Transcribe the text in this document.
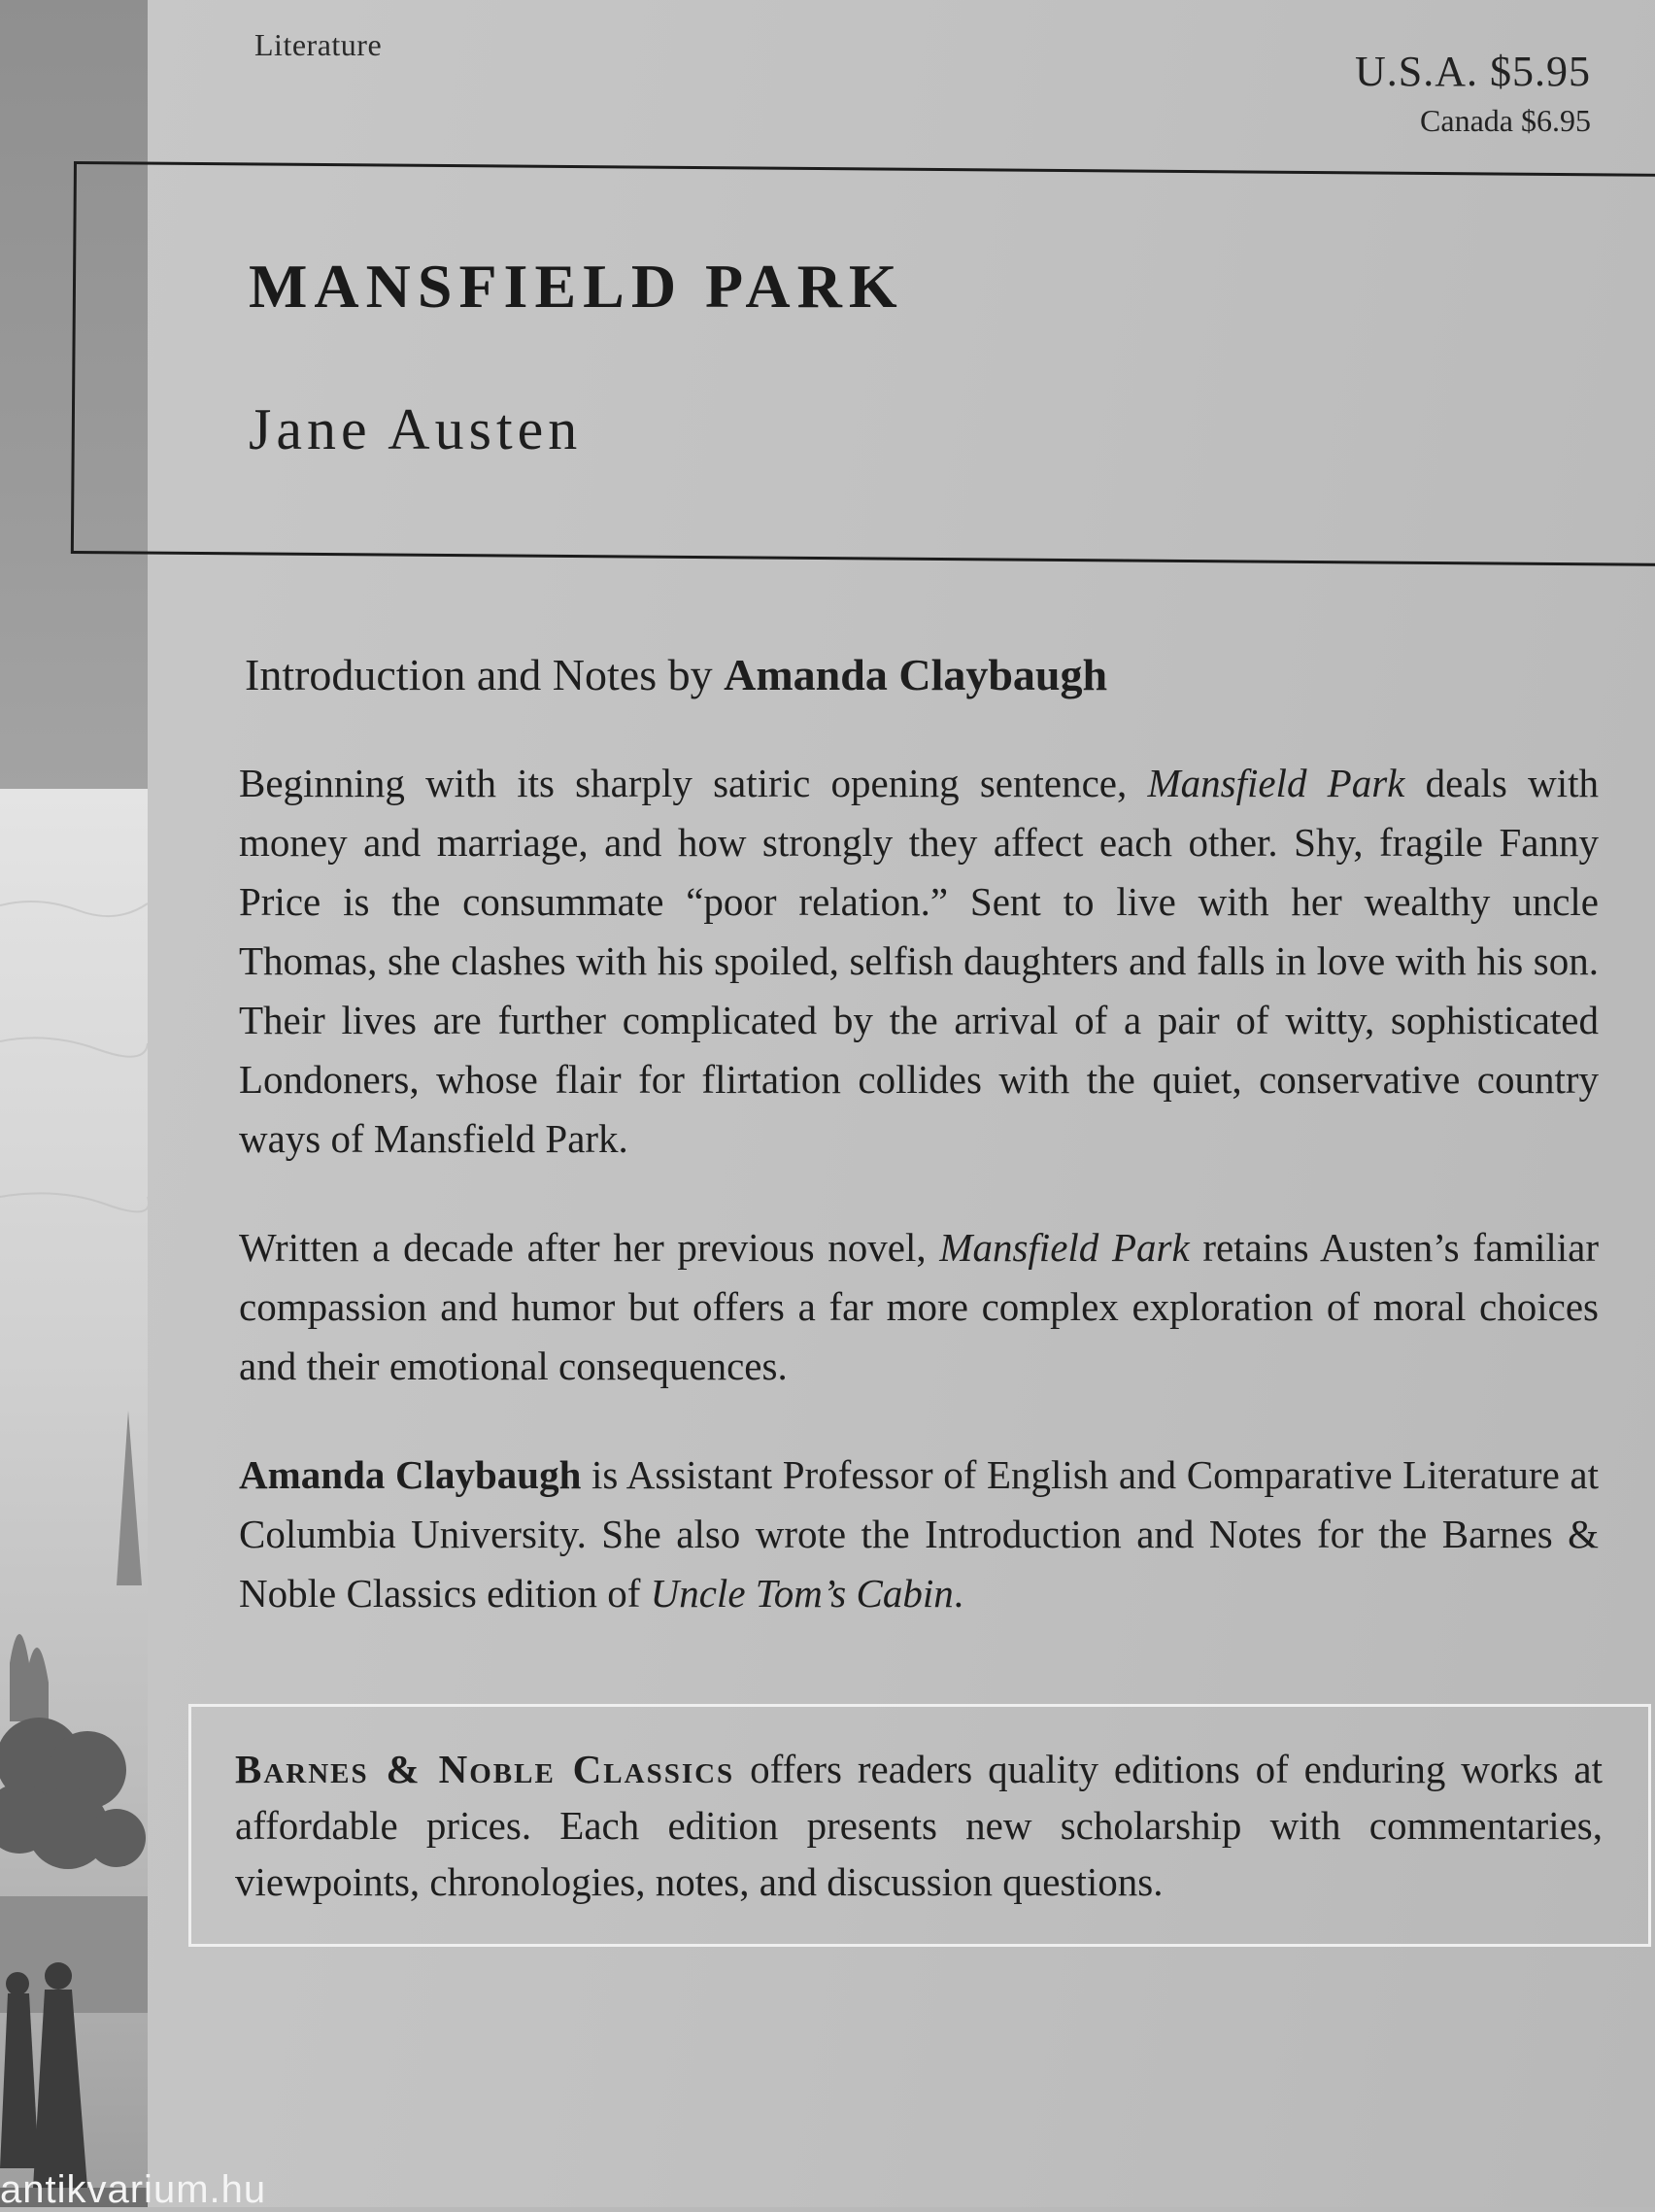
Literature
U.S.A. $5.95
Canada $6.95
MANSFIELD PARK
Jane Austen
Introduction and Notes by Amanda Claybaugh
Beginning with its sharply satiric opening sentence, Mansfield Park deals with money and marriage, and how strongly they affect each other. Shy, fragile Fanny Price is the consummate “poor relation.” Sent to live with her wealthy uncle Thomas, she clashes with his spoiled, selfish daughters and falls in love with his son. Their lives are further complicated by the arrival of a pair of witty, sophisticated Londoners, whose flair for flirtation collides with the quiet, conservative country ways of Mansfield Park.
Written a decade after her previous novel, Mansfield Park retains Austen’s familiar compassion and humor but offers a far more complex exploration of moral choices and their emotional consequences.
Amanda Claybaugh is Assistant Professor of English and Comparative Literature at Columbia University. She also wrote the Introduction and Notes for the Barnes & Noble Classics edition of Uncle Tom’s Cabin.
Barnes & Noble Classics offers readers quality editions of enduring works at affordable prices. Each edition presents new scholarship with commentaries, viewpoints, chronologies, notes, and discussion questions.
antikvarium.hu
